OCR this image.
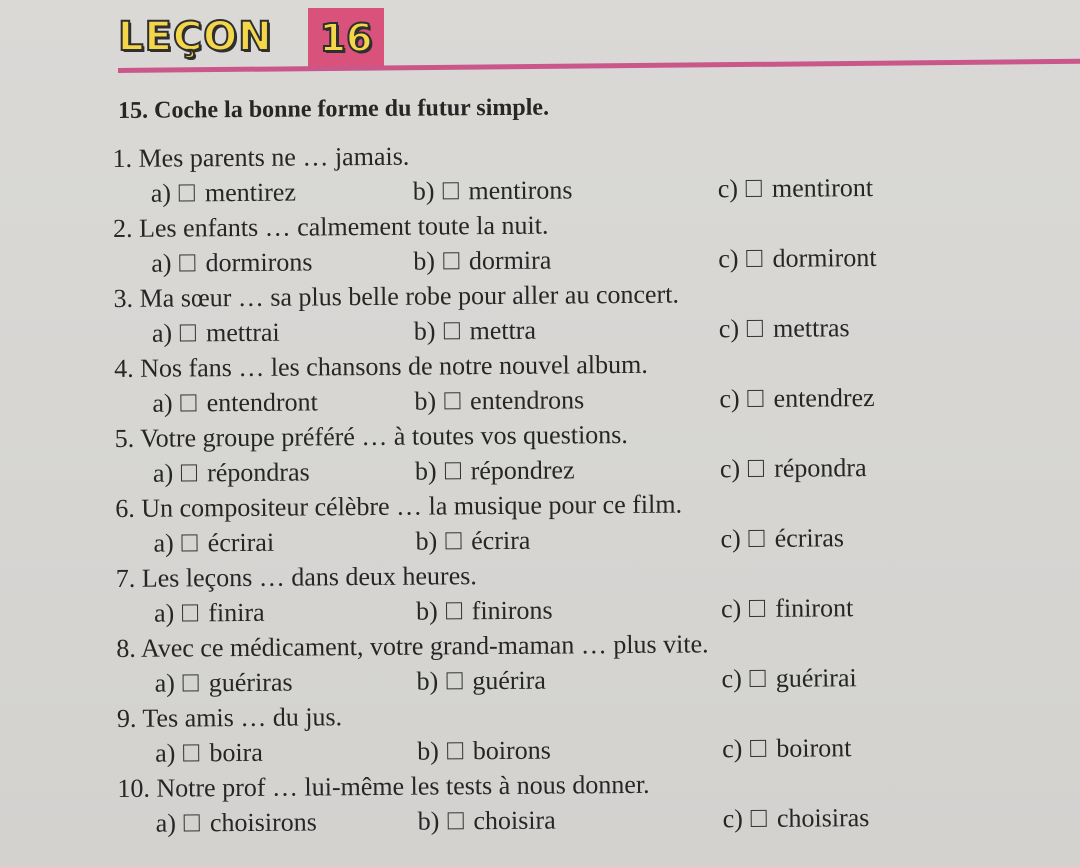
LEÇON	16
15. Coche la bonne forme du futur simple.
1. Mes parents ne … jamais.
a) mentirez	b) mentirons	c) mentiront
2. Les enfants … calmement toute la nuit.
a) dormirons	b) dormira	c) dormiront
3. Ma sœur … sa plus belle robe pour aller au concert.
a) mettrai	b) mettra	c) mettras
4. Nos fans … les chansons de notre nouvel album.
a) entendront	b) entendrons	c) entendrez
5. Votre groupe préféré … à toutes vos questions.
a) répondras	b) répondrez	c) répondra
6. Un compositeur célèbre … la musique pour ce film.
a) écrirai	b) écrira	c) écriras
7. Les leçons … dans deux heures.
a) finira	b) finirons	c) finiront
8. Avec ce médicament, votre grand-maman … plus vite.
a) guériras	b) guérira	c) guérirai
9. Tes amis … du jus.
a) boira	b) boirons	c) boiront
10. Notre prof … lui-même les tests à nous donner.
a) choisirons	b) choisira	c) choisiras
